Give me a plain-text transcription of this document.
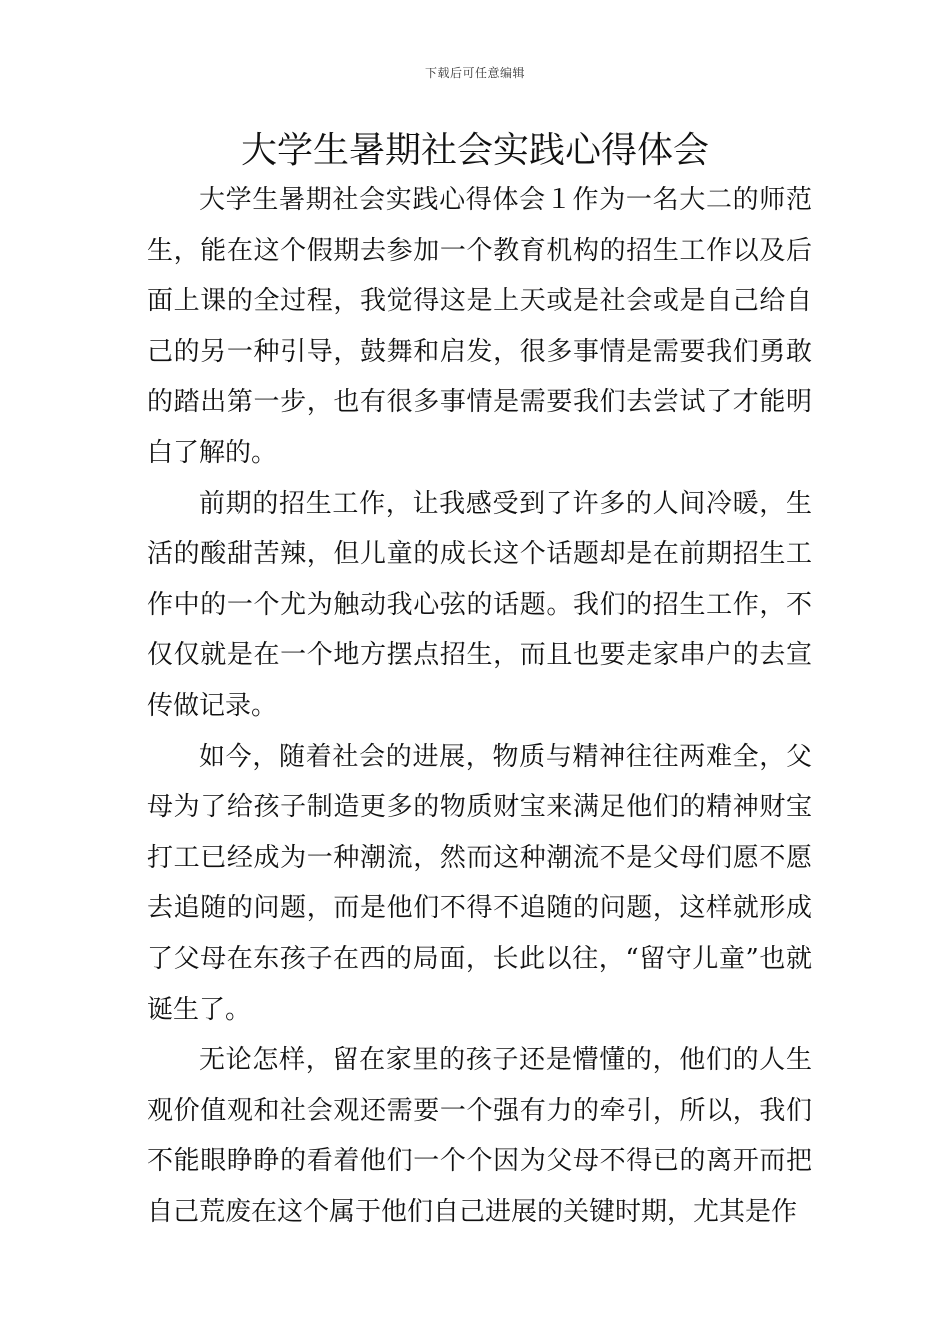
下载后可任意编辑
大学生暑期社会实践心得体会

大学生暑期社会实践心得体会１作为一名大二的师范生，能在这个假期去参加一个教育机构的招生工作以及后面上课的全过程，我觉得这是上天或是社会或是自己给自己的另一种引导，鼓舞和启发，很多事情是需要我们勇敢的踏出第一步，也有很多事情是需要我们去尝试了才能明白了解的。

前期的招生工作，让我感受到了许多的人间冷暖，生活的酸甜苦辣，但儿童的成长这个话题却是在前期招生工作中的一个尤为触动我心弦的话题。我们的招生工作，不仅仅就是在一个地方摆点招生，而且也要走家串户的去宣传做记录。

如今，随着社会的进展，物质与精神往往两难全，父母为了给孩子制造更多的物质财宝来满足他们的精神财宝打工已经成为一种潮流，然而这种潮流不是父母们愿不愿去追随的问题，而是他们不得不追随的问题，这样就形成了父母在东孩子在西的局面，长此以往，“留守儿童”也就诞生了。

无论怎样，留在家里的孩子还是懵懂的，他们的人生观价值观和社会观还需要一个强有力的牵引，所以，我们不能眼睁睁的看着他们一个个因为父母不得已的离开而把自己荒废在这个属于他们自己进展的关键时期，尤其是作
